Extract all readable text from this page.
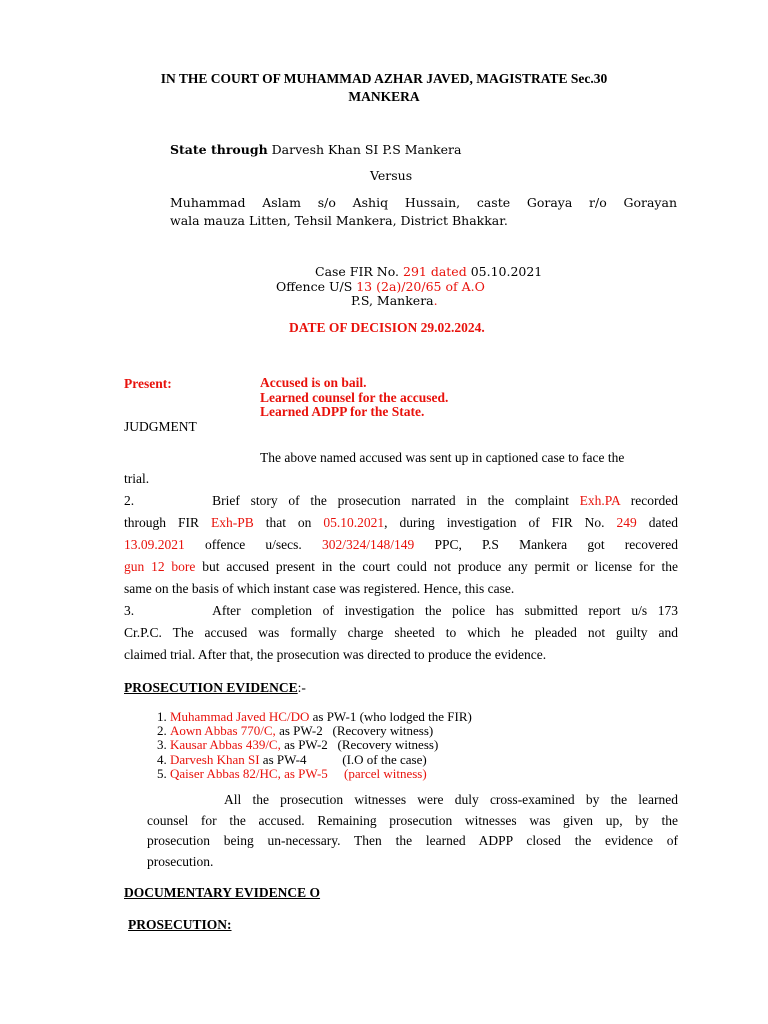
IN THE COURT OF MUHAMMAD AZHAR JAVED, MAGISTRATE Sec.30
MANKERA
State through Darvesh Khan SI P.S Mankera
Versus
Muhammad Aslam s/o Ashiq Hussain, caste Goraya r/o Gorayan
wala mauza Litten, Tehsil Mankera, District Bhakkar.
Case FIR No. 291 dated 05.10.2021
Offence U/S 13 (2a)/20/65 of A.O
P.S, Mankera.
DATE OF DECISION 29.02.2024.
Present:	Accused is on bail.
Learned counsel for the accused.
Learned ADPP for the State.
JUDGMENT
The above named accused was sent up in captioned case to face the
trial.
2.	Brief story of the prosecution narrated in the complaint Exh.PA recorded
through FIR Exh-PB that on 05.10.2021, during investigation of FIR No. 249 dated
13.09.2021 offence u/secs. 302/324/148/149 PPC, P.S Mankera got recovered
gun 12 bore but accused present in the court could not produce any permit or license for the
same on the basis of which instant case was registered. Hence, this case.
3.	After completion of investigation the police has submitted report u/s 173
Cr.P.C. The accused was formally charge sheeted to which he pleaded not guilty and
claimed trial. After that, the prosecution was directed to produce the evidence.
PROSECUTION EVIDENCE:-
1. Muhammad Javed HC/DO as PW-1 (who lodged the FIR)
2. Aown Abbas 770/C, as PW-2   (Recovery witness)
3. Kausar Abbas 439/C, as PW-2   (Recovery witness)
4. Darvesh Khan SI as PW-4           (I.O of the case)
5. Qaiser Abbas 82/HC, as PW-5     (parcel witness)
All the prosecution witnesses were duly cross-examined by the learned
counsel for the accused. Remaining prosecution witnesses was given up, by the
prosecution being un-necessary. Then the learned ADPP closed the evidence of
prosecution.
DOCUMENTARY EVIDENCE O
PROSECUTION:
